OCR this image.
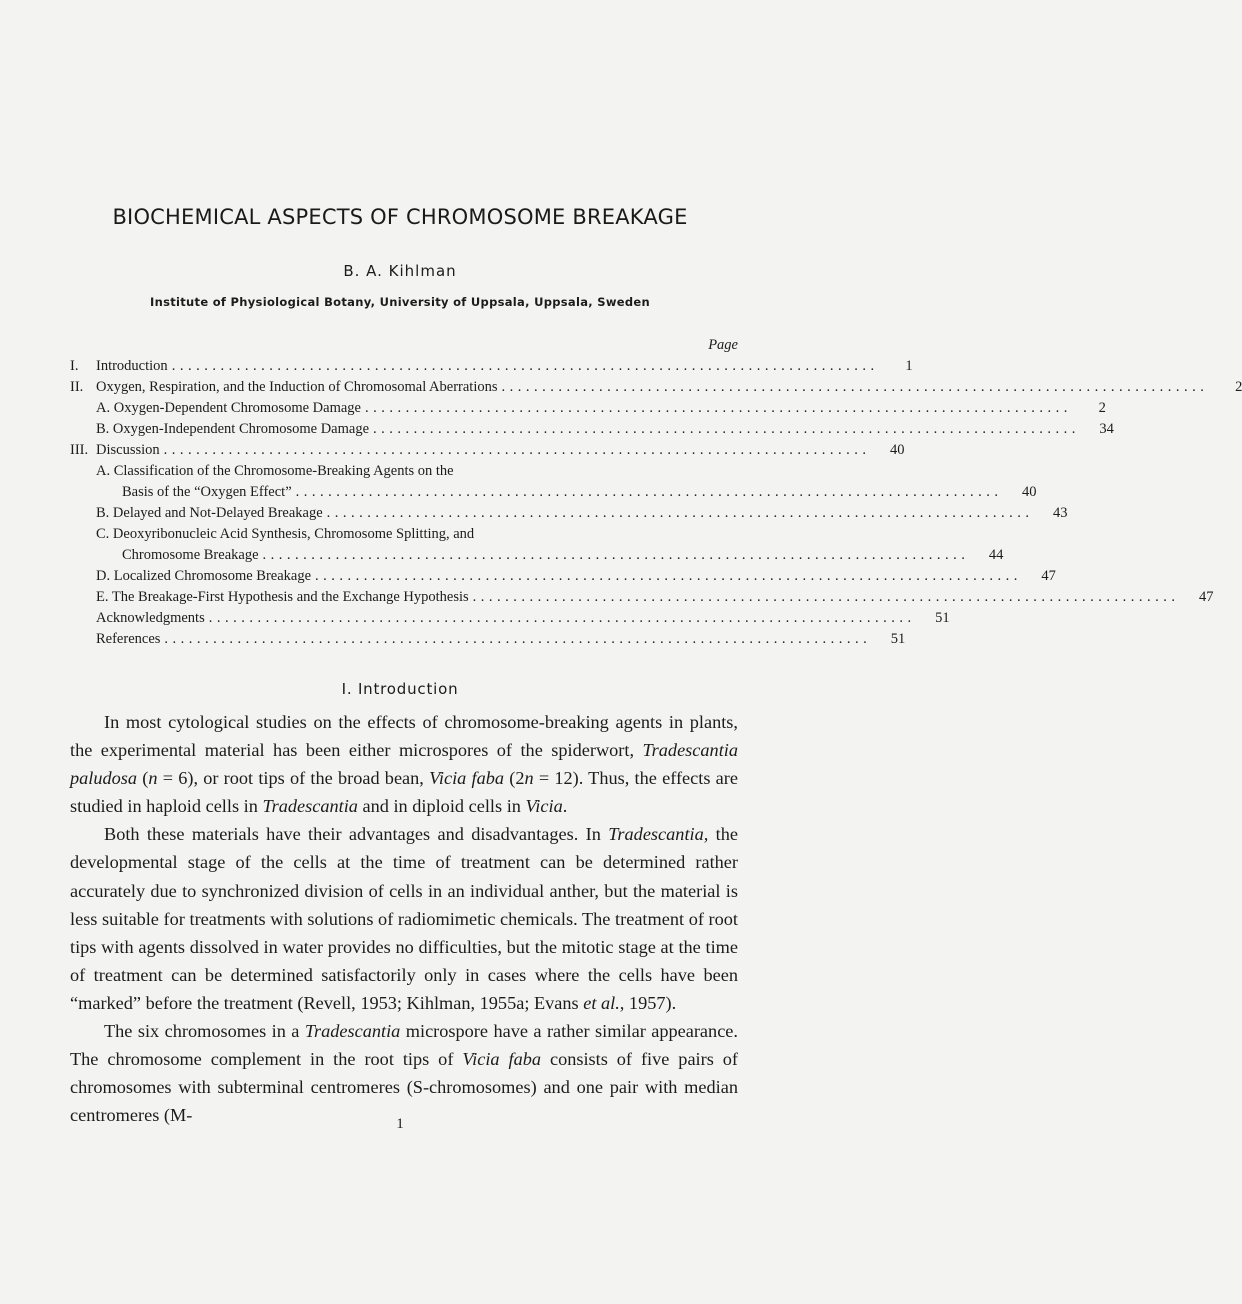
BIOCHEMICAL ASPECTS OF CHROMOSOME BREAKAGE
B. A. Kihlman
Institute of Physiological Botany, University of Uppsala, Uppsala, Sweden
Page
I.	Introduction .......................................................................................	1
II. Oxygen, Respiration, and the Induction of Chromosomal Aberrations .......................................................................................	2
A. Oxygen-Dependent Chromosome Damage .......................................................................................	2
B. Oxygen-Independent Chromosome Damage .......................................................................................	34
III. Discussion .......................................................................................	40
A. Classification of the Chromosome-Breaking Agents on the
Basis of the “Oxygen Effect” .......................................................................................	40
B. Delayed and Not-Delayed Breakage .......................................................................................	43
C. Deoxyribonucleic Acid Synthesis, Chromosome Splitting, and
Chromosome Breakage .......................................................................................	44
D. Localized Chromosome Breakage .......................................................................................	47
E. The Breakage-First Hypothesis and the Exchange Hypothesis .......................................................................................	47
Acknowledgments .......................................................................................	51
References .......................................................................................	51
I. Introduction

In most cytological studies on the effects of chromosome-breaking agents in plants, the experimental material has been either microspores of the spiderwort, Tradescantia paludosa (n = 6), or root tips of the broad bean, Vicia faba (2n = 12). Thus, the effects are studied in haploid cells in Tradescantia and in diploid cells in Vicia.

Both these materials have their advantages and disadvantages. In Tradescantia, the developmental stage of the cells at the time of treatment can be determined rather accurately due to synchronized division of cells in an individual anther, but the material is less suitable for treatments with solutions of radiomimetic chemicals. The treatment of root tips with agents dissolved in water provides no difficulties, but the mitotic stage at the time of treatment can be determined satisfactorily only in cases where the cells have been “marked” before the treatment (Revell, 1953; Kihlman, 1955a; Evans et al., 1957).

The six chromosomes in a Tradescantia microspore have a rather similar appearance. The chromosome complement in the root tips of Vicia faba consists of five pairs of chromosomes with subterminal centromeres (S-chromosomes) and one pair with median centromeres (M-	1
